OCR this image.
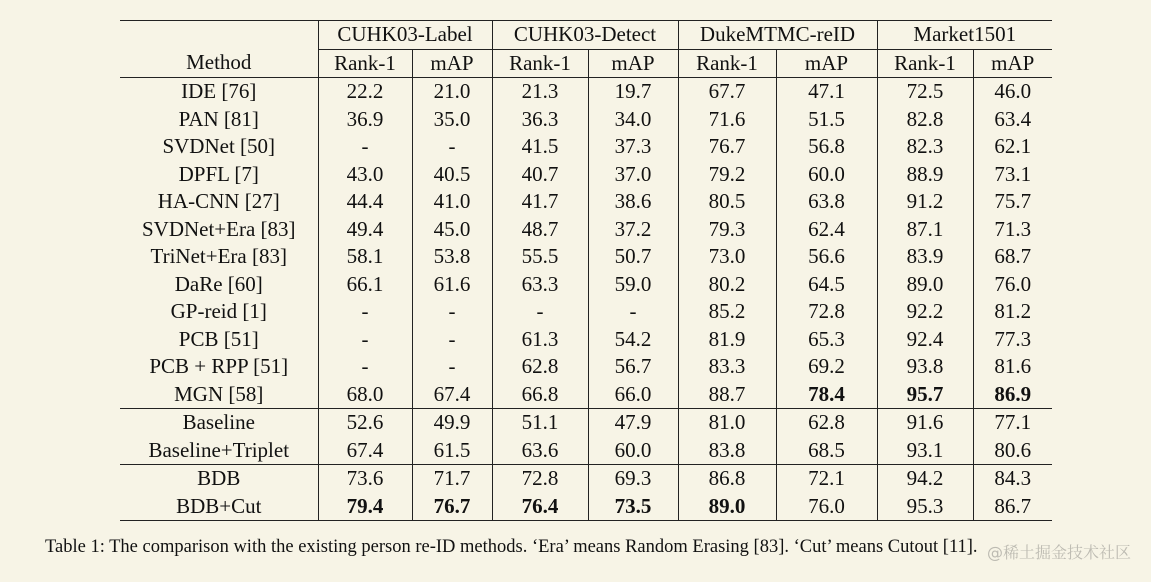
	CUHK03-Label		CUHK03-Detect		DukeMTMC-reID		Market1501	
Method	Rank-1	mAP	Rank-1	mAP	Rank-1	mAP	Rank-1	mAP
IDE [76]	22.2	21.0	21.3	19.7	67.7	47.1	72.5	46.0
PAN [81]	36.9	35.0	36.3	34.0	71.6	51.5	82.8	63.4
SVDNet [50]	-	-	41.5	37.3	76.7	56.8	82.3	62.1
DPFL [7]	43.0	40.5	40.7	37.0	79.2	60.0	88.9	73.1
HA-CNN [27]	44.4	41.0	41.7	38.6	80.5	63.8	91.2	75.7
SVDNet+Era [83]	49.4	45.0	48.7	37.2	79.3	62.4	87.1	71.3
TriNet+Era [83]	58.1	53.8	55.5	50.7	73.0	56.6	83.9	68.7
DaRe [60]	66.1	61.6	63.3	59.0	80.2	64.5	89.0	76.0
GP-reid [1]	-	-	-	-	85.2	72.8	92.2	81.2
PCB [51]	-	-	61.3	54.2	81.9	65.3	92.4	77.3
PCB + RPP [51]	-	-	62.8	56.7	83.3	69.2	93.8	81.6
MGN [58]	68.0	67.4	66.8	66.0	88.7	78.4	95.7	86.9
Baseline	52.6	49.9	51.1	47.9	81.0	62.8	91.6	77.1
Baseline+Triplet	67.4	61.5	63.6	60.0	83.8	68.5	93.1	80.6
BDB	73.6	71.7	72.8	69.3	86.8	72.1	94.2	84.3
BDB+Cut	79.4	76.7	76.4	73.5	89.0	76.0	95.3	86.7
Table 1: The comparison with the existing person re-ID methods. ‘Era’ means Random Erasing [83]. ‘Cut’ means Cutout [11]. @稀土掘金技术社区
